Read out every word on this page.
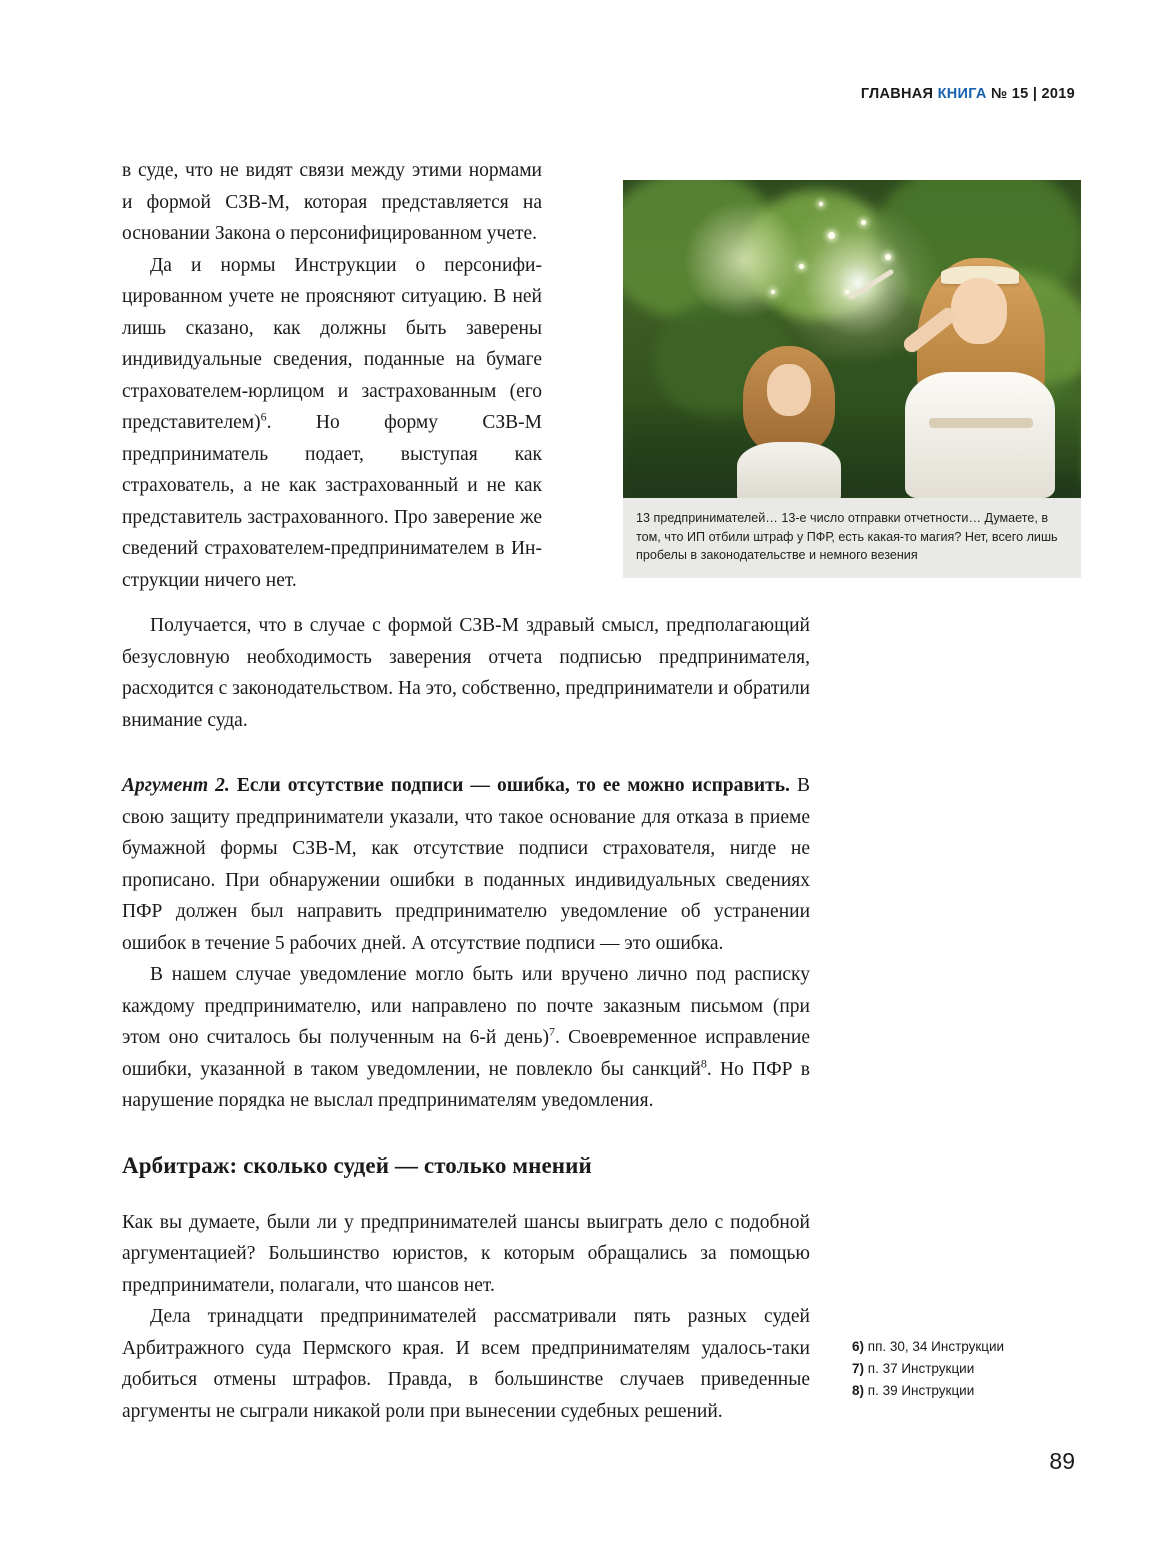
ГЛАВНАЯ КНИГА № 15 | 2019
13 предпринимателей… 13-е число отправки отчетности… Думаете, в том, что ИП отбили штраф у ПФР, есть какая-то магия? Нет, всего лишь пробелы в законодательстве и немного везения

в суде, что не видят связи между этими нормами и формой СЗВ-М, которая представляется на основании Закона о персонифицированном учете.

Да и нормы Инструкции о персонифицированном учете не проясняют ситуацию. В ней лишь сказано, как должны быть заверены индивидуальные сведения, поданные на бумаге страхователем-юрлицом и застрахованным (его представителем)$^6$. Но форму СЗВ-М предприниматель подает, выступая как страхователь, а не как застрахованный и не как представитель застрахованного. Про заверение же сведений страхователем-предпринимателем в Инструкции ничего нет.

Получается, что в случае с формой СЗВ-М здравый смысл, предполагающий безусловную необходимость заверения отчета подписью предпринимателя, расходится с законодательством. На это, собственно, предприниматели и обратили внимание суда.

Аргумент 2. Если отсутствие подписи — ошибка, то ее можно исправить. В свою защиту предприниматели указали, что такое основание для отказа в приеме бумажной формы СЗВ-М, как отсутствие подписи страхователя, нигде не прописано. При обнаружении ошибки в поданных индивидуальных сведениях ПФР должен был направить предпринимателю уведомление об устранении ошибок в течение 5 рабочих дней. А отсутствие подписи — это ошибка.

В нашем случае уведомление могло быть или вручено лично под расписку каждому предпринимателю, или направлено по почте заказным письмом (при этом оно считалось бы полученным на 6-й день)$^7$. Своевременное исправление ошибки, указанной в таком уведомлении, не повлекло бы санкций$^8$. Но ПФР в нарушение порядка не выслал предпринимателям уведомления.

Арбитраж: сколько судей — столько мнений

Как вы думаете, были ли у предпринимателей шансы выиграть дело с подобной аргументацией? Большинство юристов, к которым обращались за помощью предприниматели, полагали, что шансов нет.

Дела тринадцати предпринимателей рассматривали пять разных судей Арбитражного суда Пермского края. И всем предпринимателям удалось-таки добиться отмены штрафов. Правда, в большинстве случаев приведенные аргументы не сыграли никакой роли при вынесении судебных решений.

6) пп. 30, 34 Инструкции
7) п. 37 Инструкции
8) п. 39 Инструкции
89
